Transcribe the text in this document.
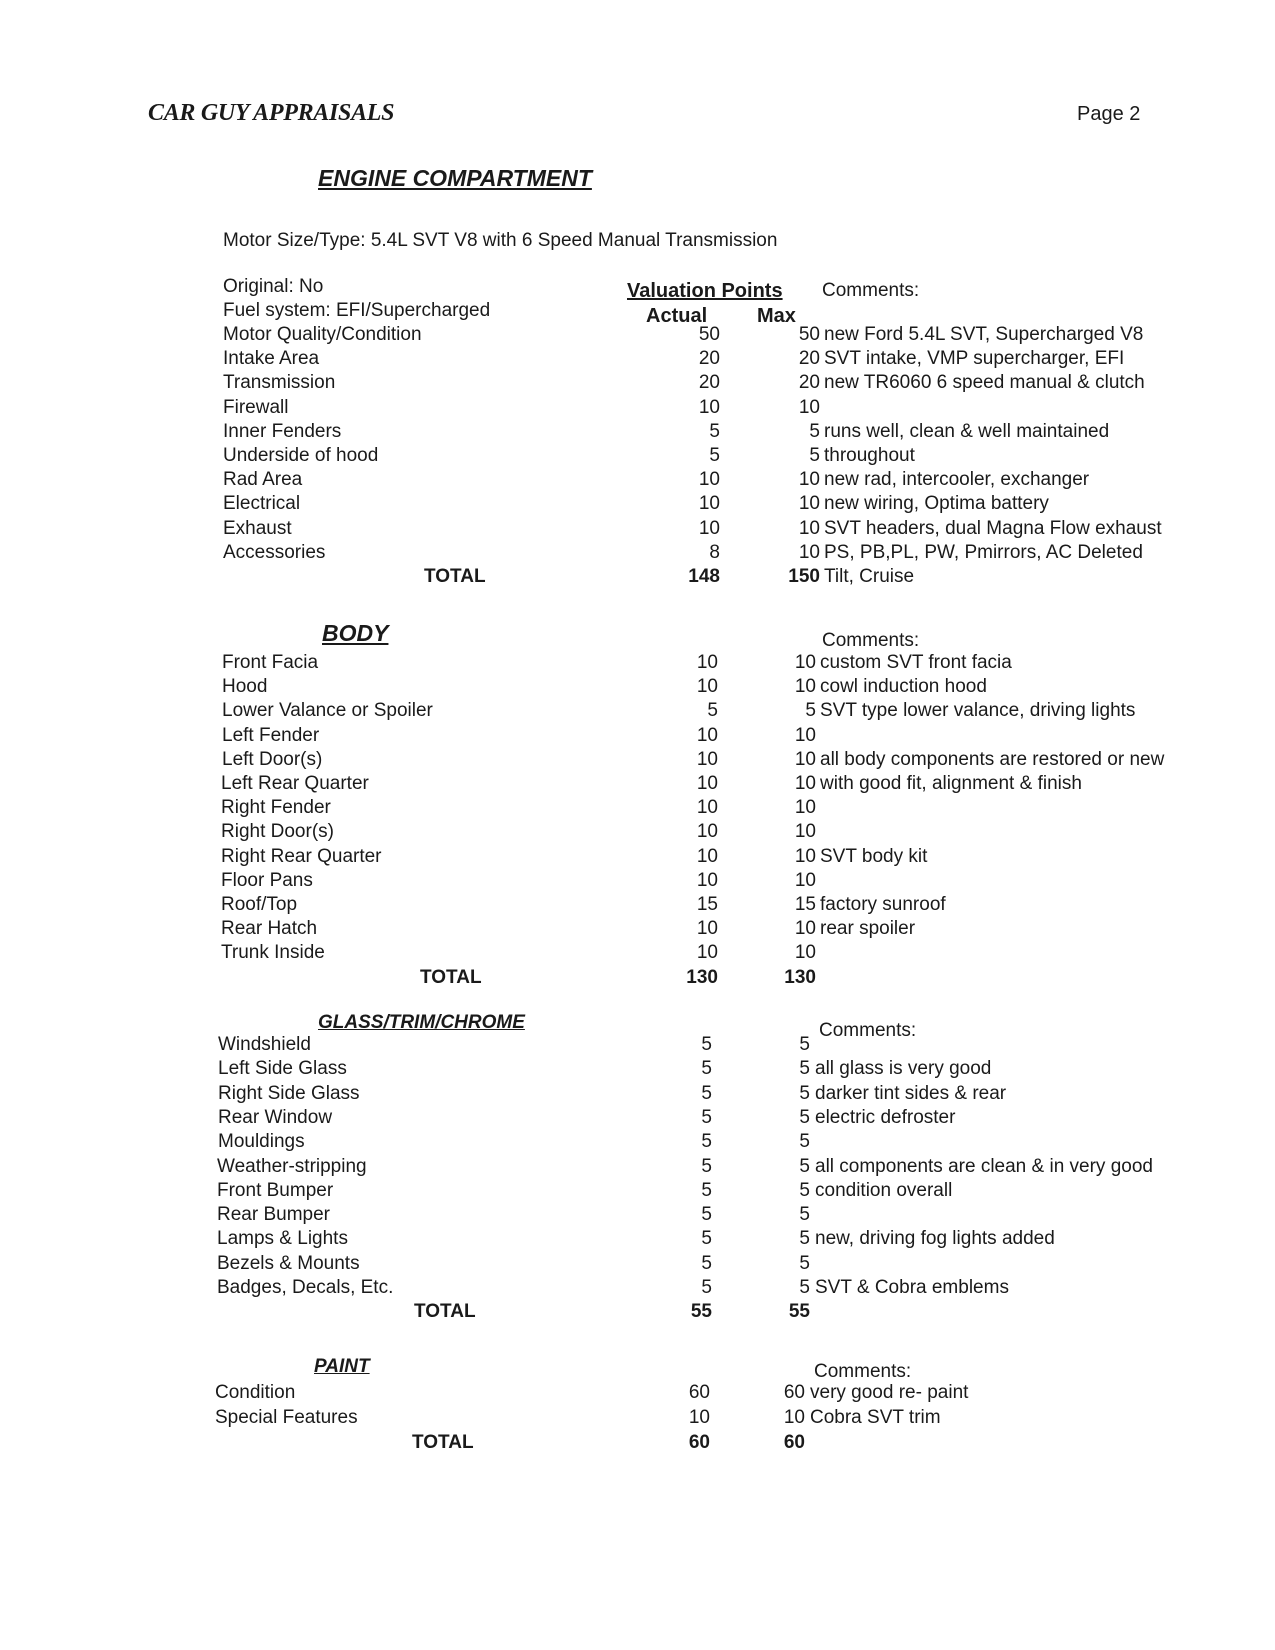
CAR GUY APPRAISALS	Page 2
ENGINE COMPARTMENT
Motor Size/Type: 5.4L SVT V8 with 6 Speed Manual Transmission
Valuation Points
Actual Max
Comments:
Original: No
Fuel system: EFI/Supercharged
Motor Quality/Condition	50	50 new Ford 5.4L SVT, Supercharged V8
Intake Area	20	20 SVT intake, VMP supercharger, EFI
Transmission	20	20 new TR6060 6 speed manual & clutch
Firewall	10	10
Inner Fenders	5	5 runs well, clean & well maintained
Underside of hood	5	5 throughout
Rad Area	10	10 new rad, intercooler, exchanger
Electrical	10	10 new wiring, Optima battery
Exhaust	10	10 SVT headers, dual Magna Flow exhaust
Accessories	8	10 PS, PB,PL, PW, Pmirrors, AC Deleted
TOTAL	148	150 Tilt, Cruise
BODY	Comments:
Front Facia	10	10 custom SVT front facia
Hood	10	10 cowl induction hood
Lower Valance or Spoiler	5	5 SVT type lower valance, driving lights
Left Fender	10	10
Left Door(s)	10	10 all body components are restored or new
Left Rear Quarter	10	10 with good fit, alignment & finish
Right Fender	10	10
Right Door(s)	10	10
Right Rear Quarter	10	10 SVT body kit
Floor Pans	10	10
Roof/Top	15	15 factory sunroof
Rear Hatch	10	10 rear spoiler
Trunk Inside	10	10
TOTAL	130	130
GLASS/TRIM/CHROME	Comments:
Windshield	5	5
Left Side Glass	5	5 all glass is very good
Right Side Glass	5	5 darker tint sides & rear
Rear Window	5	5 electric defroster
Mouldings	5	5
Weather-stripping	5	5 all components are clean & in very good
Front Bumper	5	5 condition overall
Rear Bumper	5	5
Lamps & Lights	5	5 new, driving fog lights added
Bezels & Mounts	5	5
Badges, Decals, Etc.	5	5 SVT & Cobra emblems
TOTAL	55	55
PAINT	Comments:
Condition	60	60 very good re- paint
Special Features	10	10 Cobra SVT trim
TOTAL	60	60
